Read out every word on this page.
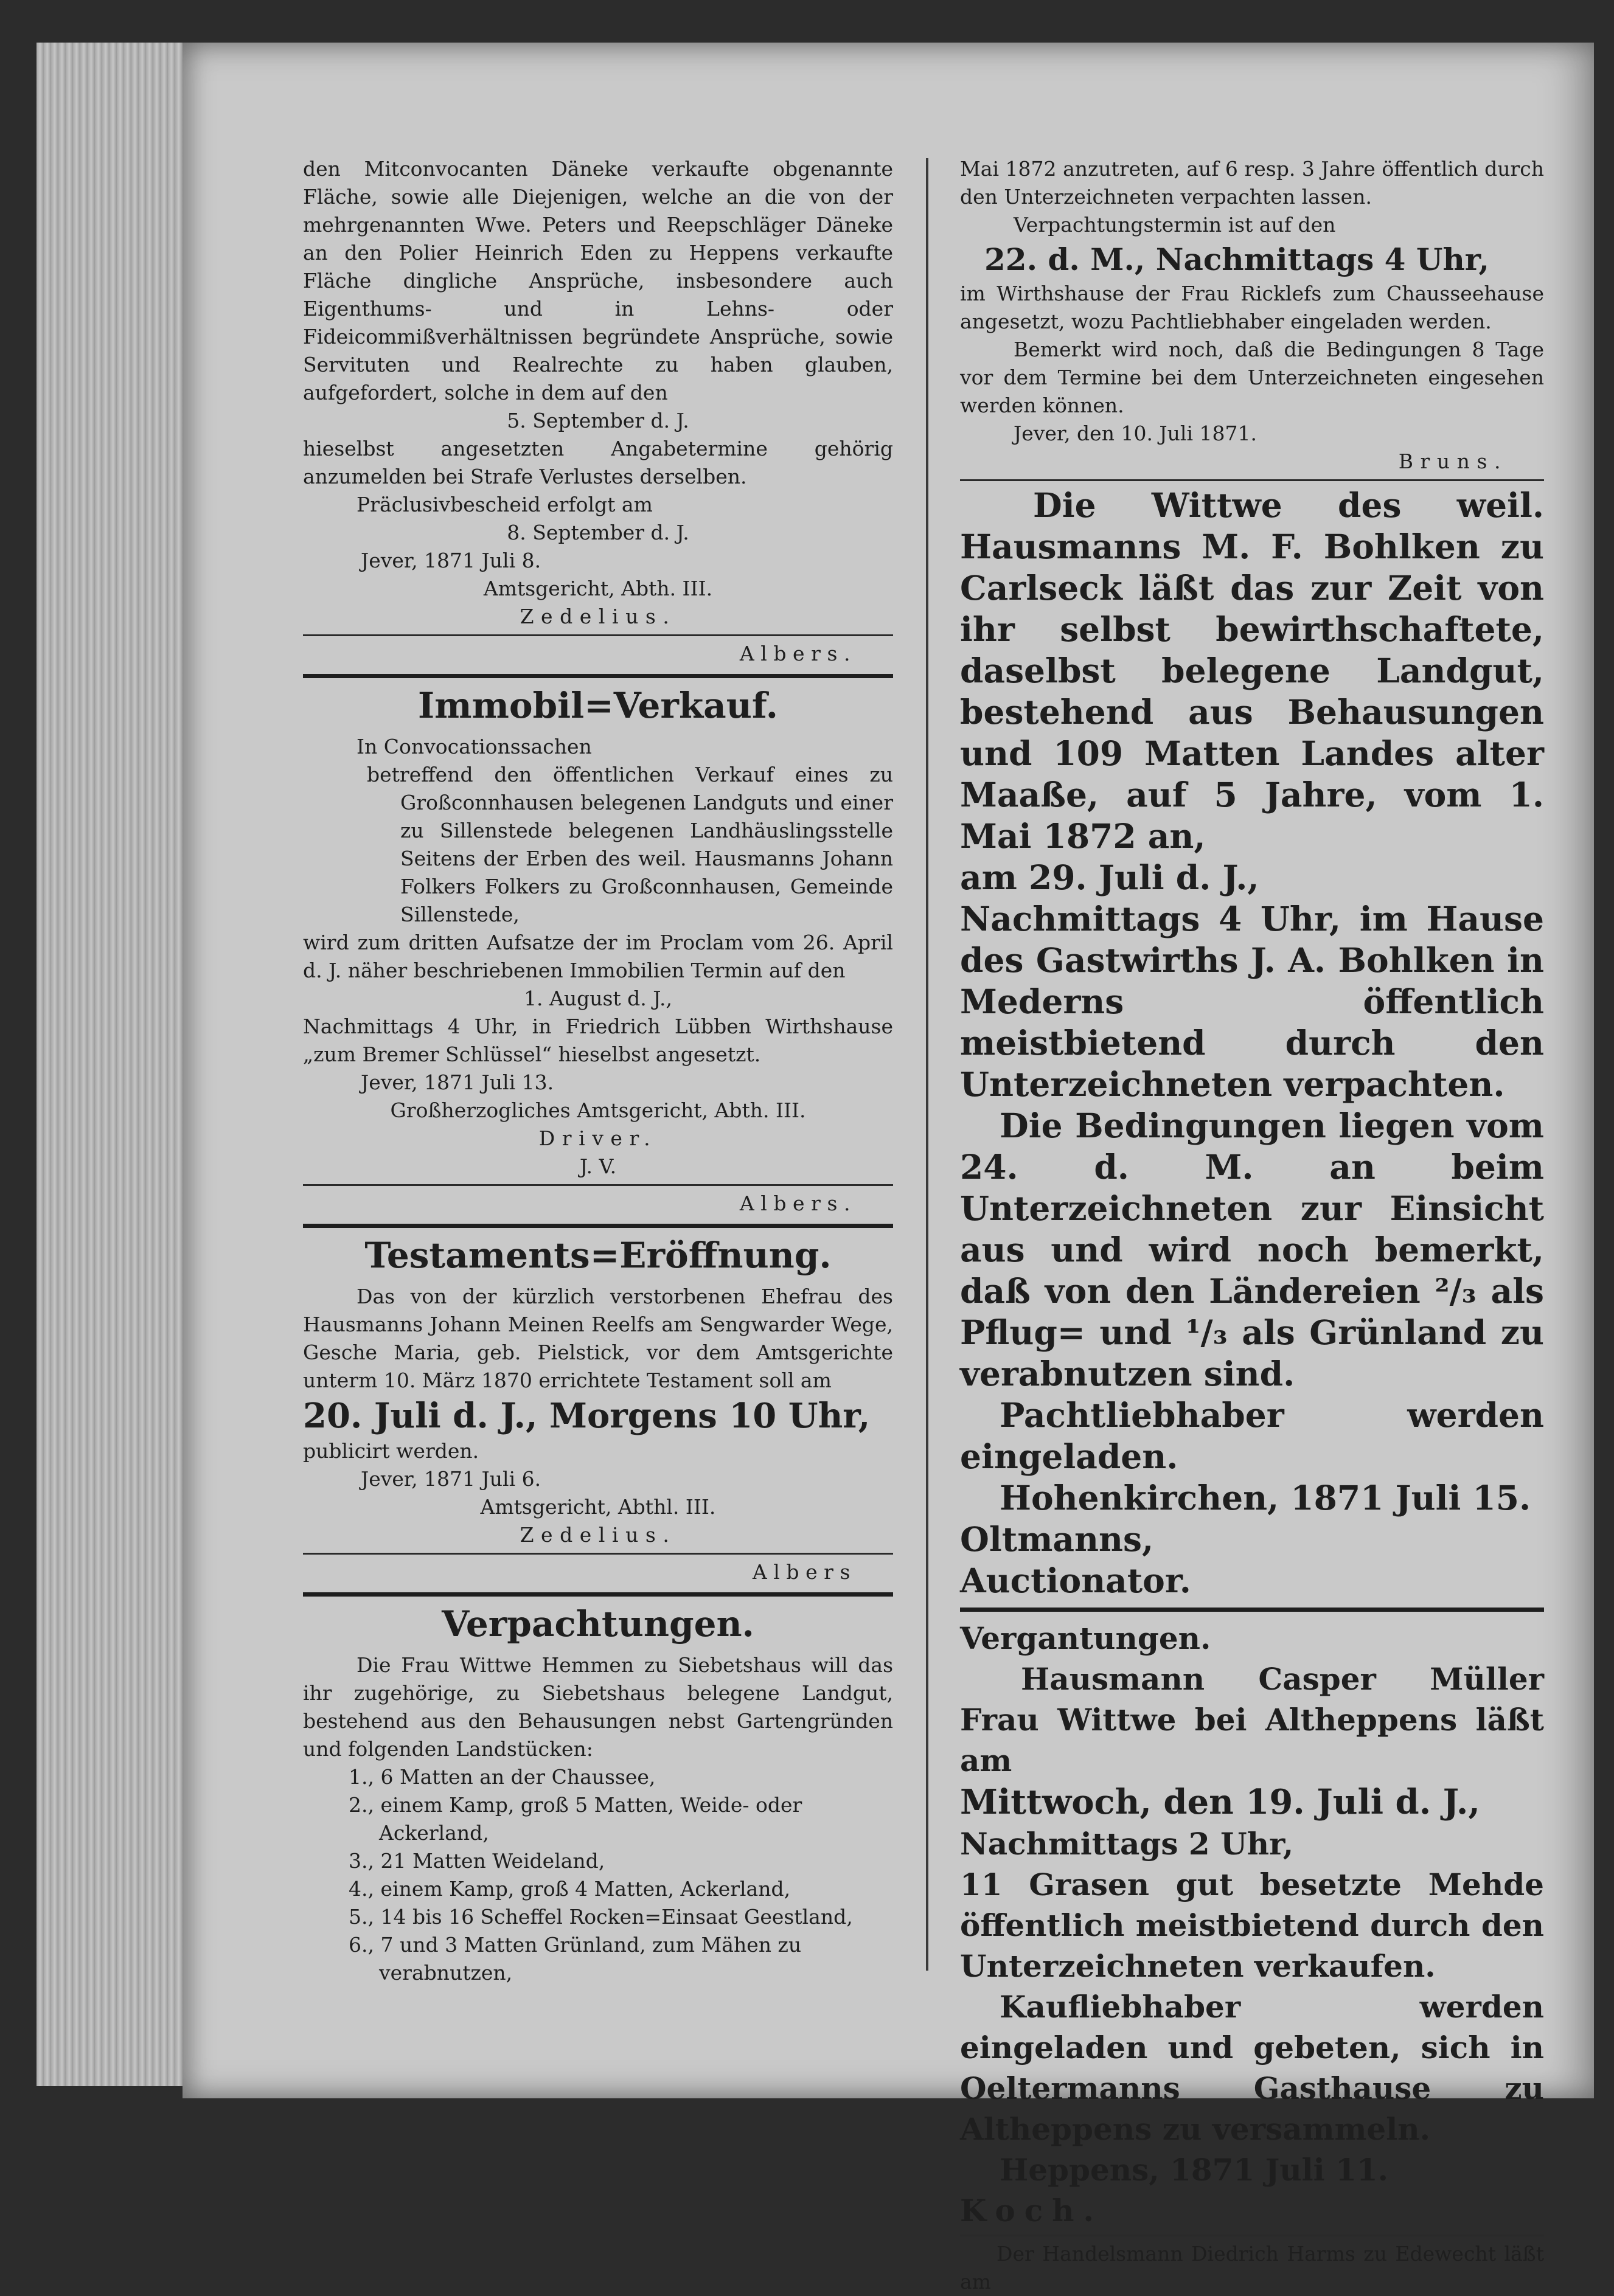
den Mitconvocanten Däneke verkaufte obgenannte Fläche, sowie alle Diejenigen, welche an die von der mehrgenannten Wwe. Peters und Reepschläger Däneke an den Polier Heinrich Eden zu Heppens verkaufte Fläche dingliche Ansprüche, insbesondere auch Eigenthums- und in Lehns- oder Fideicommißverhältnissen begründete Ansprüche, sowie Servituten und Realrechte zu haben glauben, aufgefordert, solche in dem auf den

5. September d. J.

hieselbst angesetzten Angabetermine gehörig anzumelden bei Strafe Verlustes derselben.

Präclusivbescheid erfolgt am

8. September d. J.

Jever, 1871 Juli 8.

Amtsgericht, Abth. III.

Zedelius.

Albers.

Immobil=Verkauf.

In Convocationssachen

betreffend den öffentlichen Verkauf eines zu Großconnhausen belegenen Landguts und einer zu Sillenstede belegenen Landhäuslingsstelle Seitens der Erben des weil. Hausmanns Johann Folkers Folkers zu Großconnhausen, Gemeinde Sillenstede,

wird zum dritten Aufsatze der im Proclam vom 26. April d. J. näher beschriebenen Immobilien Termin auf den

1. August d. J.,

Nachmittags 4 Uhr, in Friedrich Lübben Wirthshause „zum Bremer Schlüssel“ hieselbst angesetzt.

Jever, 1871 Juli 13.

Großherzogliches Amtsgericht, Abth. III.

Driver.

J. V.

Albers.

Testaments=Eröffnung.

Das von der kürzlich verstorbenen Ehefrau des Hausmanns Johann Meinen Reelfs am Sengwarder Wege, Gesche Maria, geb. Pielstick, vor dem Amtsgerichte unterm 10. März 1870 errichtete Testament soll am

20. Juli d. J., Morgens 10 Uhr,

publicirt werden.

Jever, 1871 Juli 6.

Amtsgericht, Abthl. III.

Zedelius.

Albers

Verpachtungen.

Die Frau Wittwe Hemmen zu Siebetshaus will das ihr zugehörige, zu Siebetshaus belegene Landgut, bestehend aus den Behausungen nebst Gartengründen und folgenden Landstücken:

1., 6 Matten an der Chaussee,

2., einem Kamp, groß 5 Matten, Weide- oder

Ackerland,

3., 21 Matten Weideland,

4., einem Kamp, groß 4 Matten, Ackerland,

5., 14 bis 16 Scheffel Rocken=Einsaat Geestland,

6., 7 und 3 Matten Grünland, zum Mähen zu

verabnutzen,

Mai 1872 anzutreten, auf 6 resp. 3 Jahre öffentlich durch den Unterzeichneten verpachten lassen.

Verpachtungstermin ist auf den

22. d. M., Nachmittags 4 Uhr,

im Wirthshause der Frau Ricklefs zum Chausseehause angesetzt, wozu Pachtliebhaber eingeladen werden.

Bemerkt wird noch, daß die Bedingungen 8 Tage vor dem Termine bei dem Unterzeichneten eingesehen werden können.

Jever, den 10. Juli 1871.

Bruns.

Die Wittwe des weil. Hausmanns M. F. Bohlken zu Carlseck läßt das zur Zeit von ihr selbst bewirthschaftete, daselbst belegene Landgut, bestehend aus Behausungen und 109 Matten Landes alter Maaße, auf 5 Jahre, vom 1. Mai 1872 an,

am 29. Juli d. J.,

Nachmittags 4 Uhr, im Hause des Gastwirths J. A. Bohlken in Mederns öffentlich meistbietend durch den Unterzeichneten verpachten.

Die Bedingungen liegen vom 24. d. M. an beim Unterzeichneten zur Einsicht aus und wird noch bemerkt, daß von den Ländereien ²/₃ als Pflug= und ¹/₃ als Grünland zu verabnutzen sind.

Pachtliebhaber werden eingeladen.

Hohenkirchen, 1871 Juli 15.

Oltmanns,

Auctionator.

Vergantungen.

Hausmann Casper Müller Frau Wittwe bei Altheppens läßt am

Mittwoch, den 19. Juli d. J.,

Nachmittags 2 Uhr,

11 Grasen gut besetzte Mehde öffentlich meistbietend durch den Unterzeichneten verkaufen.

Kaufliebhaber werden eingeladen und gebeten, sich in Oeltermanns Gasthause zu Altheppens zu versammeln.

Heppens, 1871 Juli 11.

Koch.

Der Handelsmann Diedrich Harms zu Edewecht läßt am
